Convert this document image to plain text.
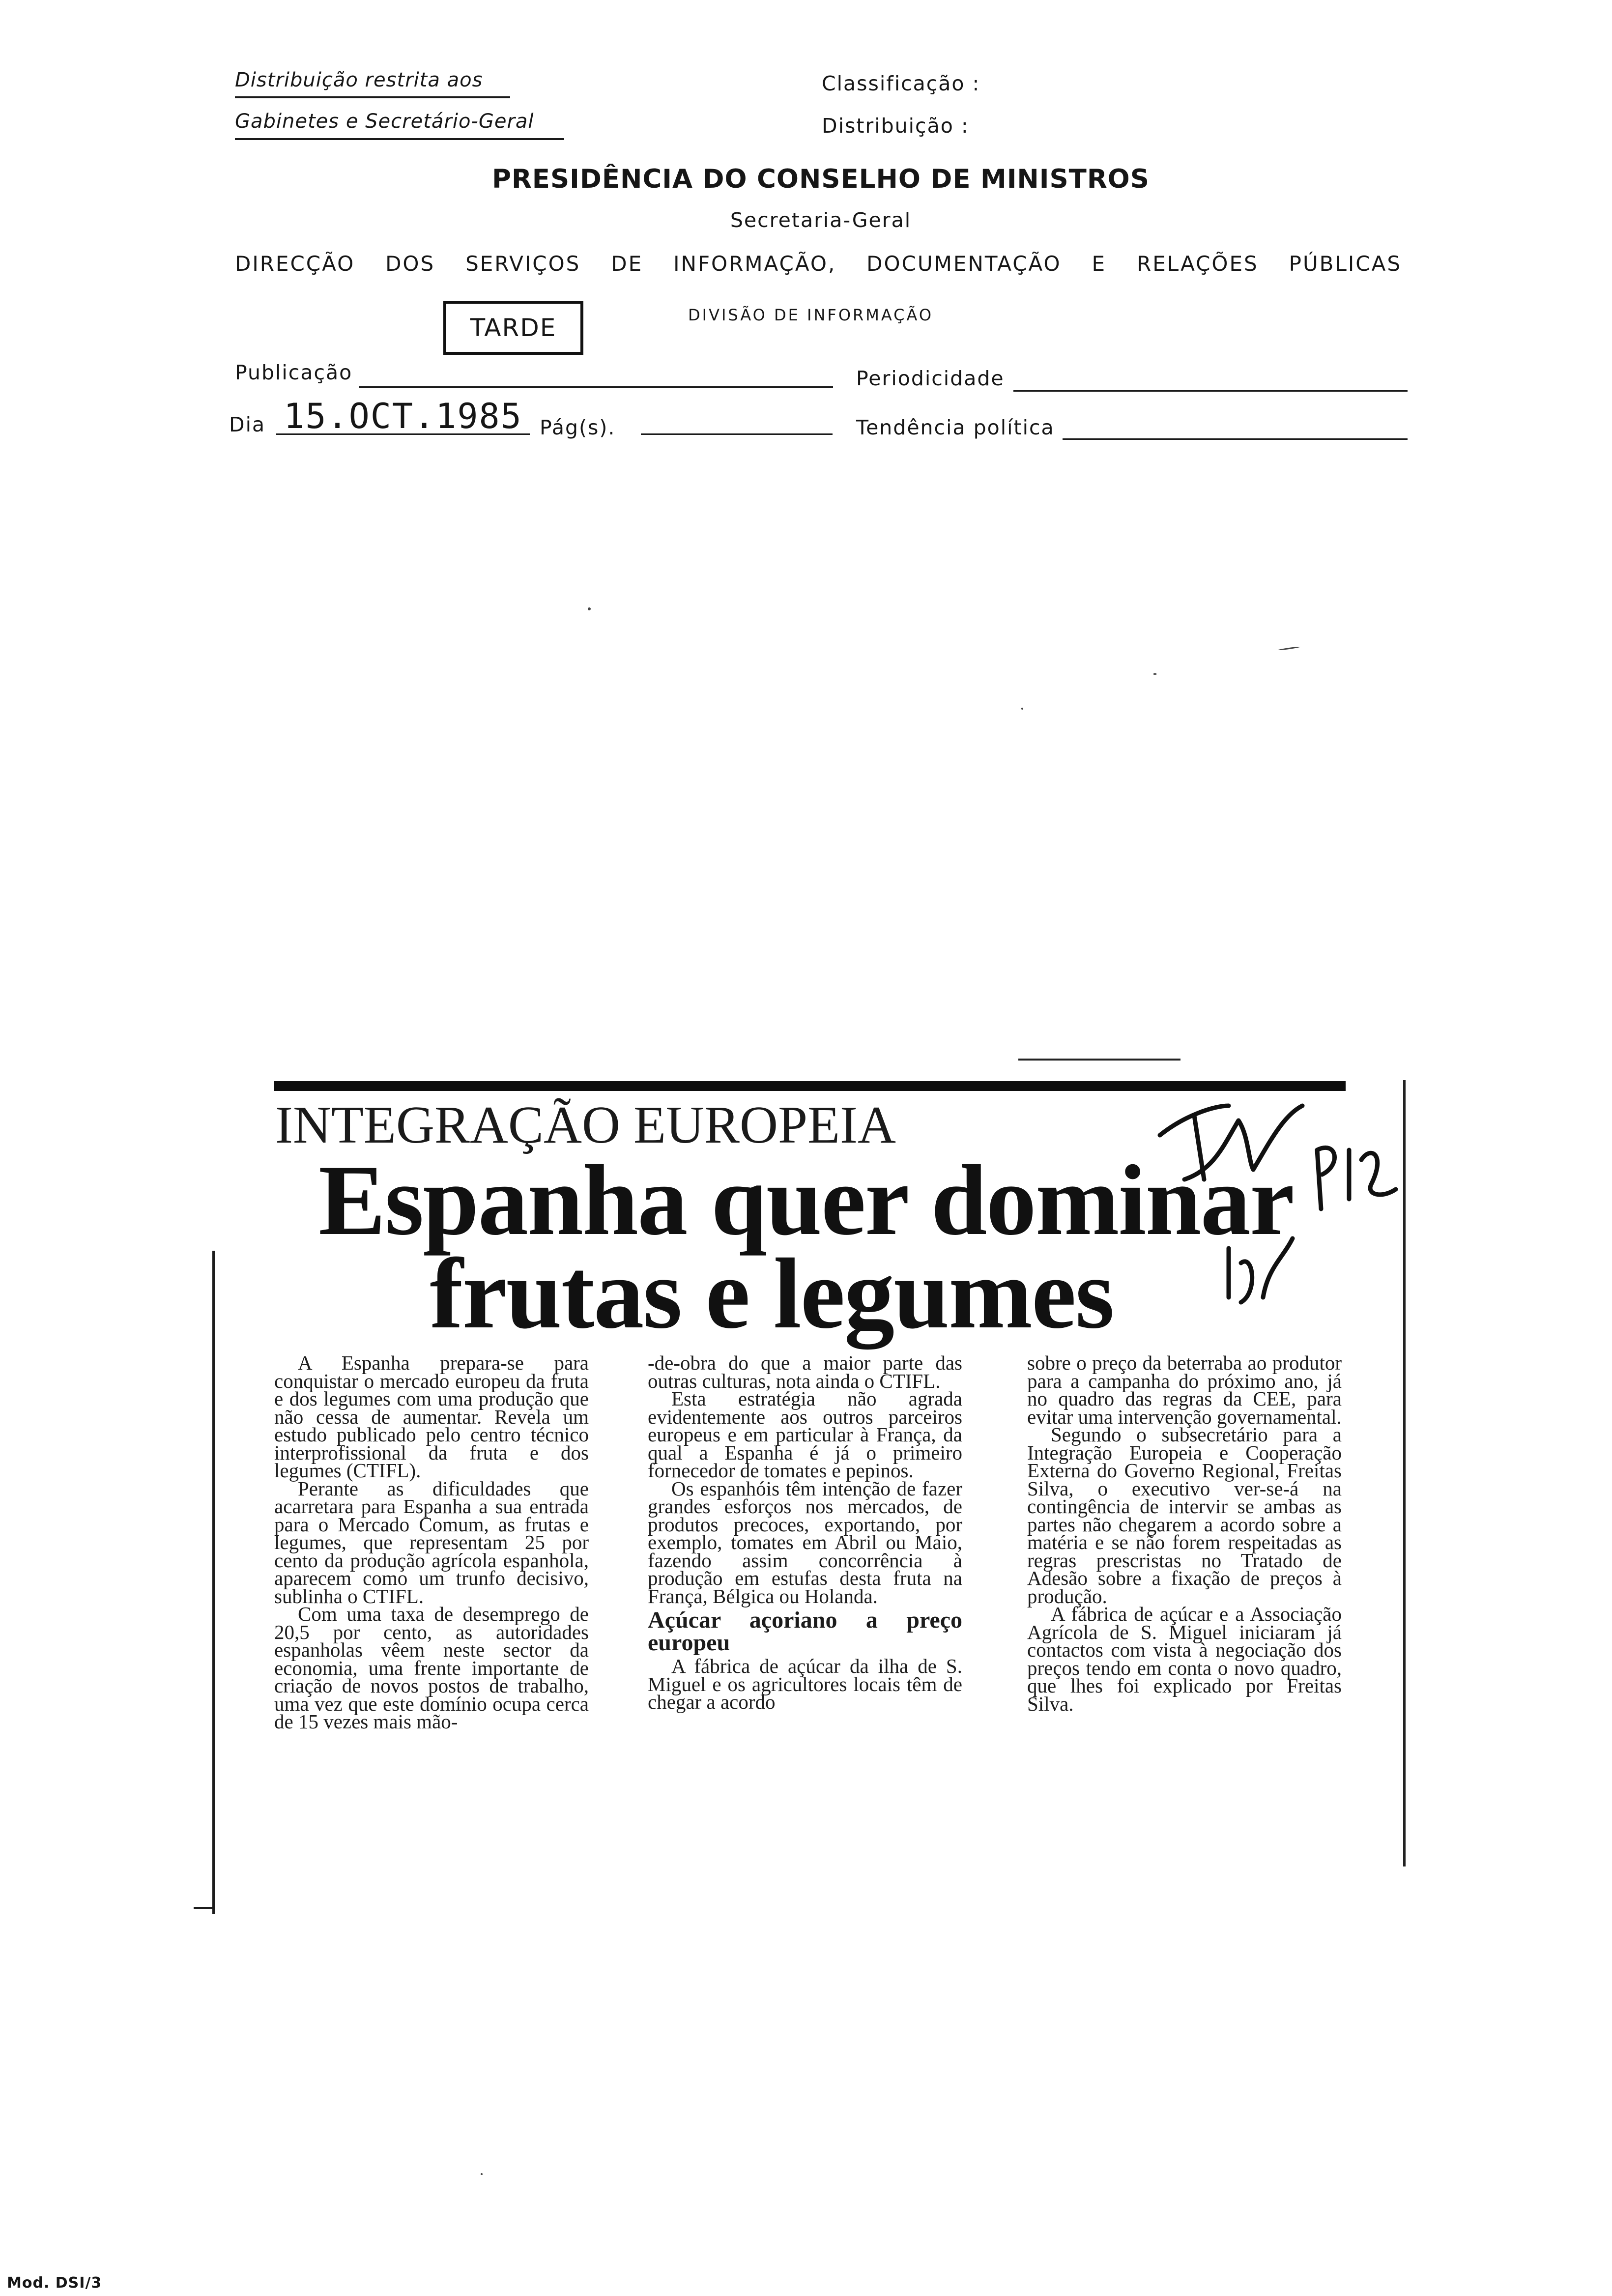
Distribuição restrita aos
Gabinetes e Secretário-Geral
Classificação :
Distribuição :
PRESIDÊNCIA DO CONSELHO DE MINISTROS
Secretaria-Geral
DIRECÇÃO DOS SERVIÇOS DE INFORMAÇÃO, DOCUMENTAÇÃO E RELAÇÕES PÚBLICAS
TARDE	DIVISÃO DE INFORMAÇÃO
Publicação	Periodicidade
Dia 15.OCT.1985 Pág(s).	Tendência política
INTEGRAÇÃO EUROPEIA
Espanha quer dominar
frutas e legumes

A Espanha prepara-se para conquistar o mercado europeu da fruta e dos legumes com uma produção que não cessa de aumentar. Revela um estudo publicado pelo centro técnico interprofissional da fruta e dos legumes (CTIFL).

Perante as dificuldades que acarretara para Espanha a sua entrada para o Mercado Comum, as frutas e legumes, que representam 25 por cento da produção agrícola espanhola, aparecem como um trunfo decisivo, sublinha o CTIFL.

Com uma taxa de desemprego de 20,5 por cento, as autoridades espanholas vêem neste sector da economia, uma frente importante de criação de novos postos de trabalho, uma vez que este domínio ocupa cerca de 15 vezes mais mão-

-de-obra do que a maior parte das outras culturas, nota ainda o CTIFL.

Esta estratégia não agrada evidentemente aos outros parceiros europeus e em particular à França, da qual a Espanha é já o primeiro fornecedor de tomates e pepinos.

Os espanhóis têm intenção de fazer grandes esforços nos mercados, de produtos precoces, exportando, por exemplo, tomates em Abril ou Maio, fazendo assim concorrência à produção em estufas desta fruta na França, Bélgica ou Holanda.

Açúcar açoriano a preço europeu

A fábrica de açúcar da ilha de S. Miguel e os agricultores locais têm de chegar a acordo

sobre o preço da beterraba ao produtor para a campanha do próximo ano, já no quadro das regras da CEE, para evitar uma intervenção governamental.

Segundo o subsecretário para a Integração Europeia e Cooperação Externa do Governo Regional, Freitas Silva, o executivo ver-se-á na contingência de intervir se ambas as partes não chegarem a acordo sobre a matéria e se não forem respeitadas as regras prescristas no Tratado de Adesão sobre a fixação de preços à produção.

A fábrica de açúcar e a Associação Agrícola de S. Miguel iniciaram já contactos com vista à negociação dos preços tendo em conta o novo quadro, que lhes foi explicado por Freitas Silva.

Mod. DSI/3
